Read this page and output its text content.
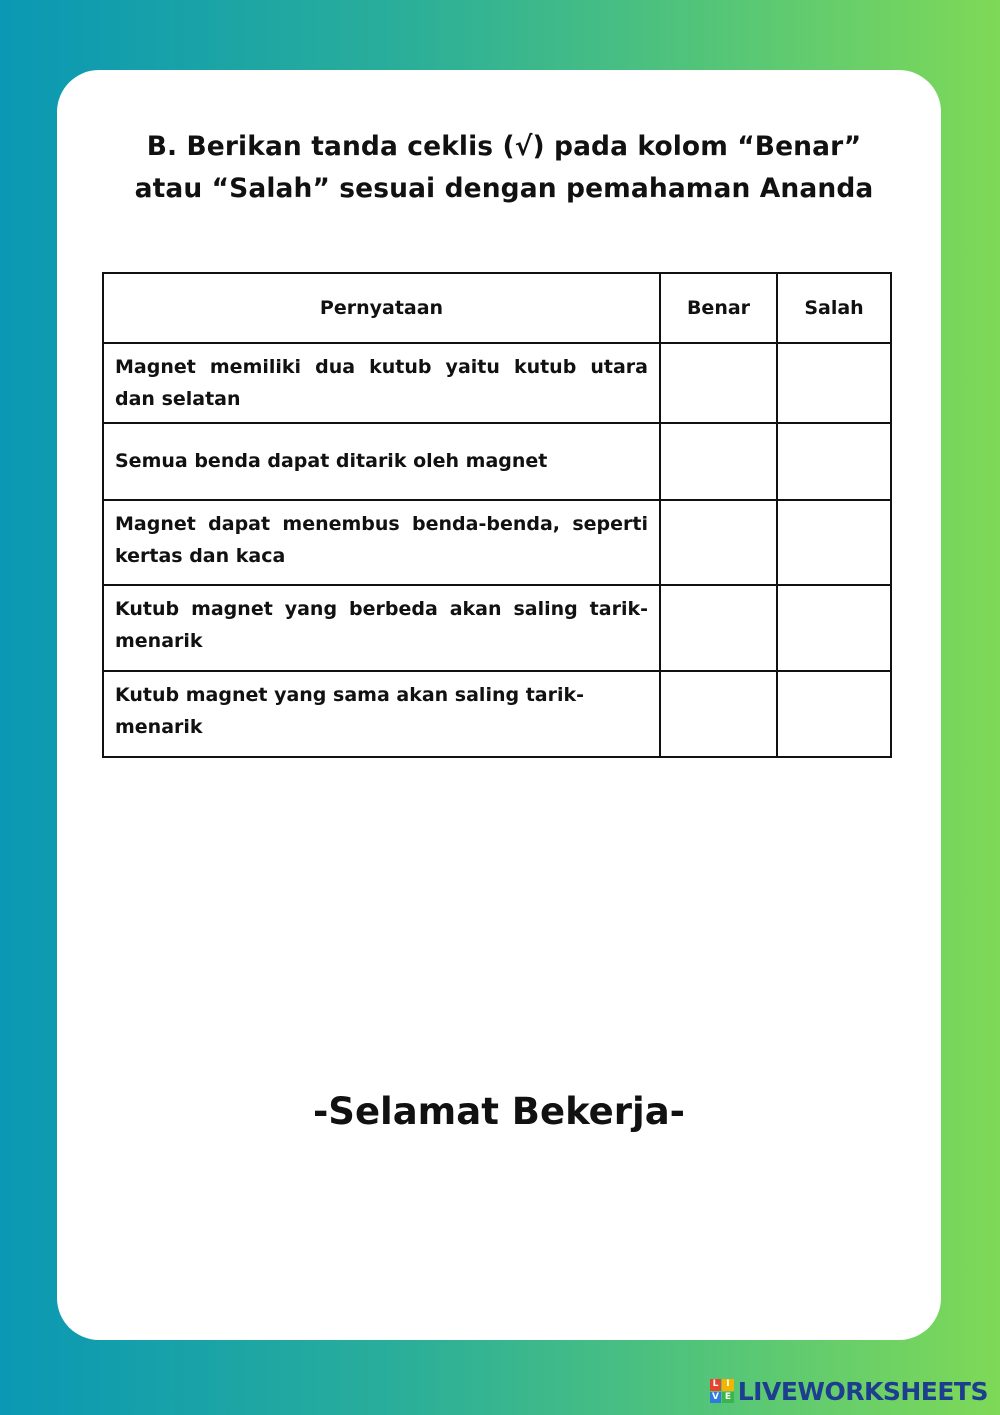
B. Berikan tanda ceklis (√) pada kolom “Benar”
atau “Salah” sesuai dengan pemahaman Ananda

Pernyataan	Benar	Salah
Magnet memiliki dua kutub yaitu kutub utara dan selatan		
Semua benda dapat ditarik oleh magnet		
Magnet dapat menembus benda-benda, seperti kertas dan kaca		
Kutub magnet yang berbeda akan saling tarik-menarik		
Kutub magnet yang sama akan saling tarik-menarik		

-Selamat Bekerja-

L I
V E LIVEWORKSHEETS
